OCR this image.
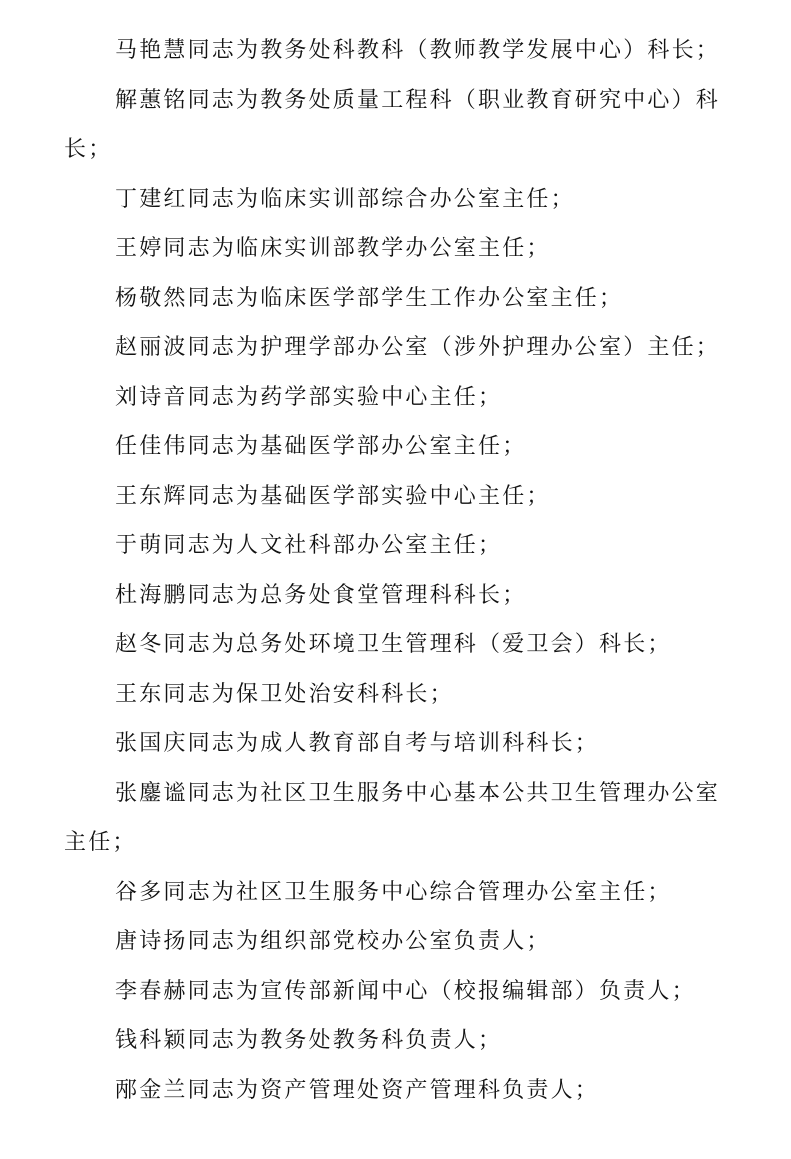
马艳慧同志为教务处科教科（教师教学发展中心）科长；

解蕙铭同志为教务处质量工程科（职业教育研究中心）科长；

丁建红同志为临床实训部综合办公室主任；

王婷同志为临床实训部教学办公室主任；

杨敬然同志为临床医学部学生工作办公室主任；

赵丽波同志为护理学部办公室（涉外护理办公室）主任；

刘诗音同志为药学部实验中心主任；

任佳伟同志为基础医学部办公室主任；

王东辉同志为基础医学部实验中心主任；

于萌同志为人文社科部办公室主任；

杜海鹏同志为总务处食堂管理科科长；

赵冬同志为总务处环境卫生管理科（爱卫会）科长；

王东同志为保卫处治安科科长；

张国庆同志为成人教育部自考与培训科科长；

张鏖谧同志为社区卫生服务中心基本公共卫生管理办公室主任；

谷多同志为社区卫生服务中心综合管理办公室主任；

唐诗扬同志为组织部党校办公室负责人；

李春赫同志为宣传部新闻中心（校报编辑部）负责人；

钱科颖同志为教务处教务科负责人；

邴金兰同志为资产管理处资产管理科负责人；
